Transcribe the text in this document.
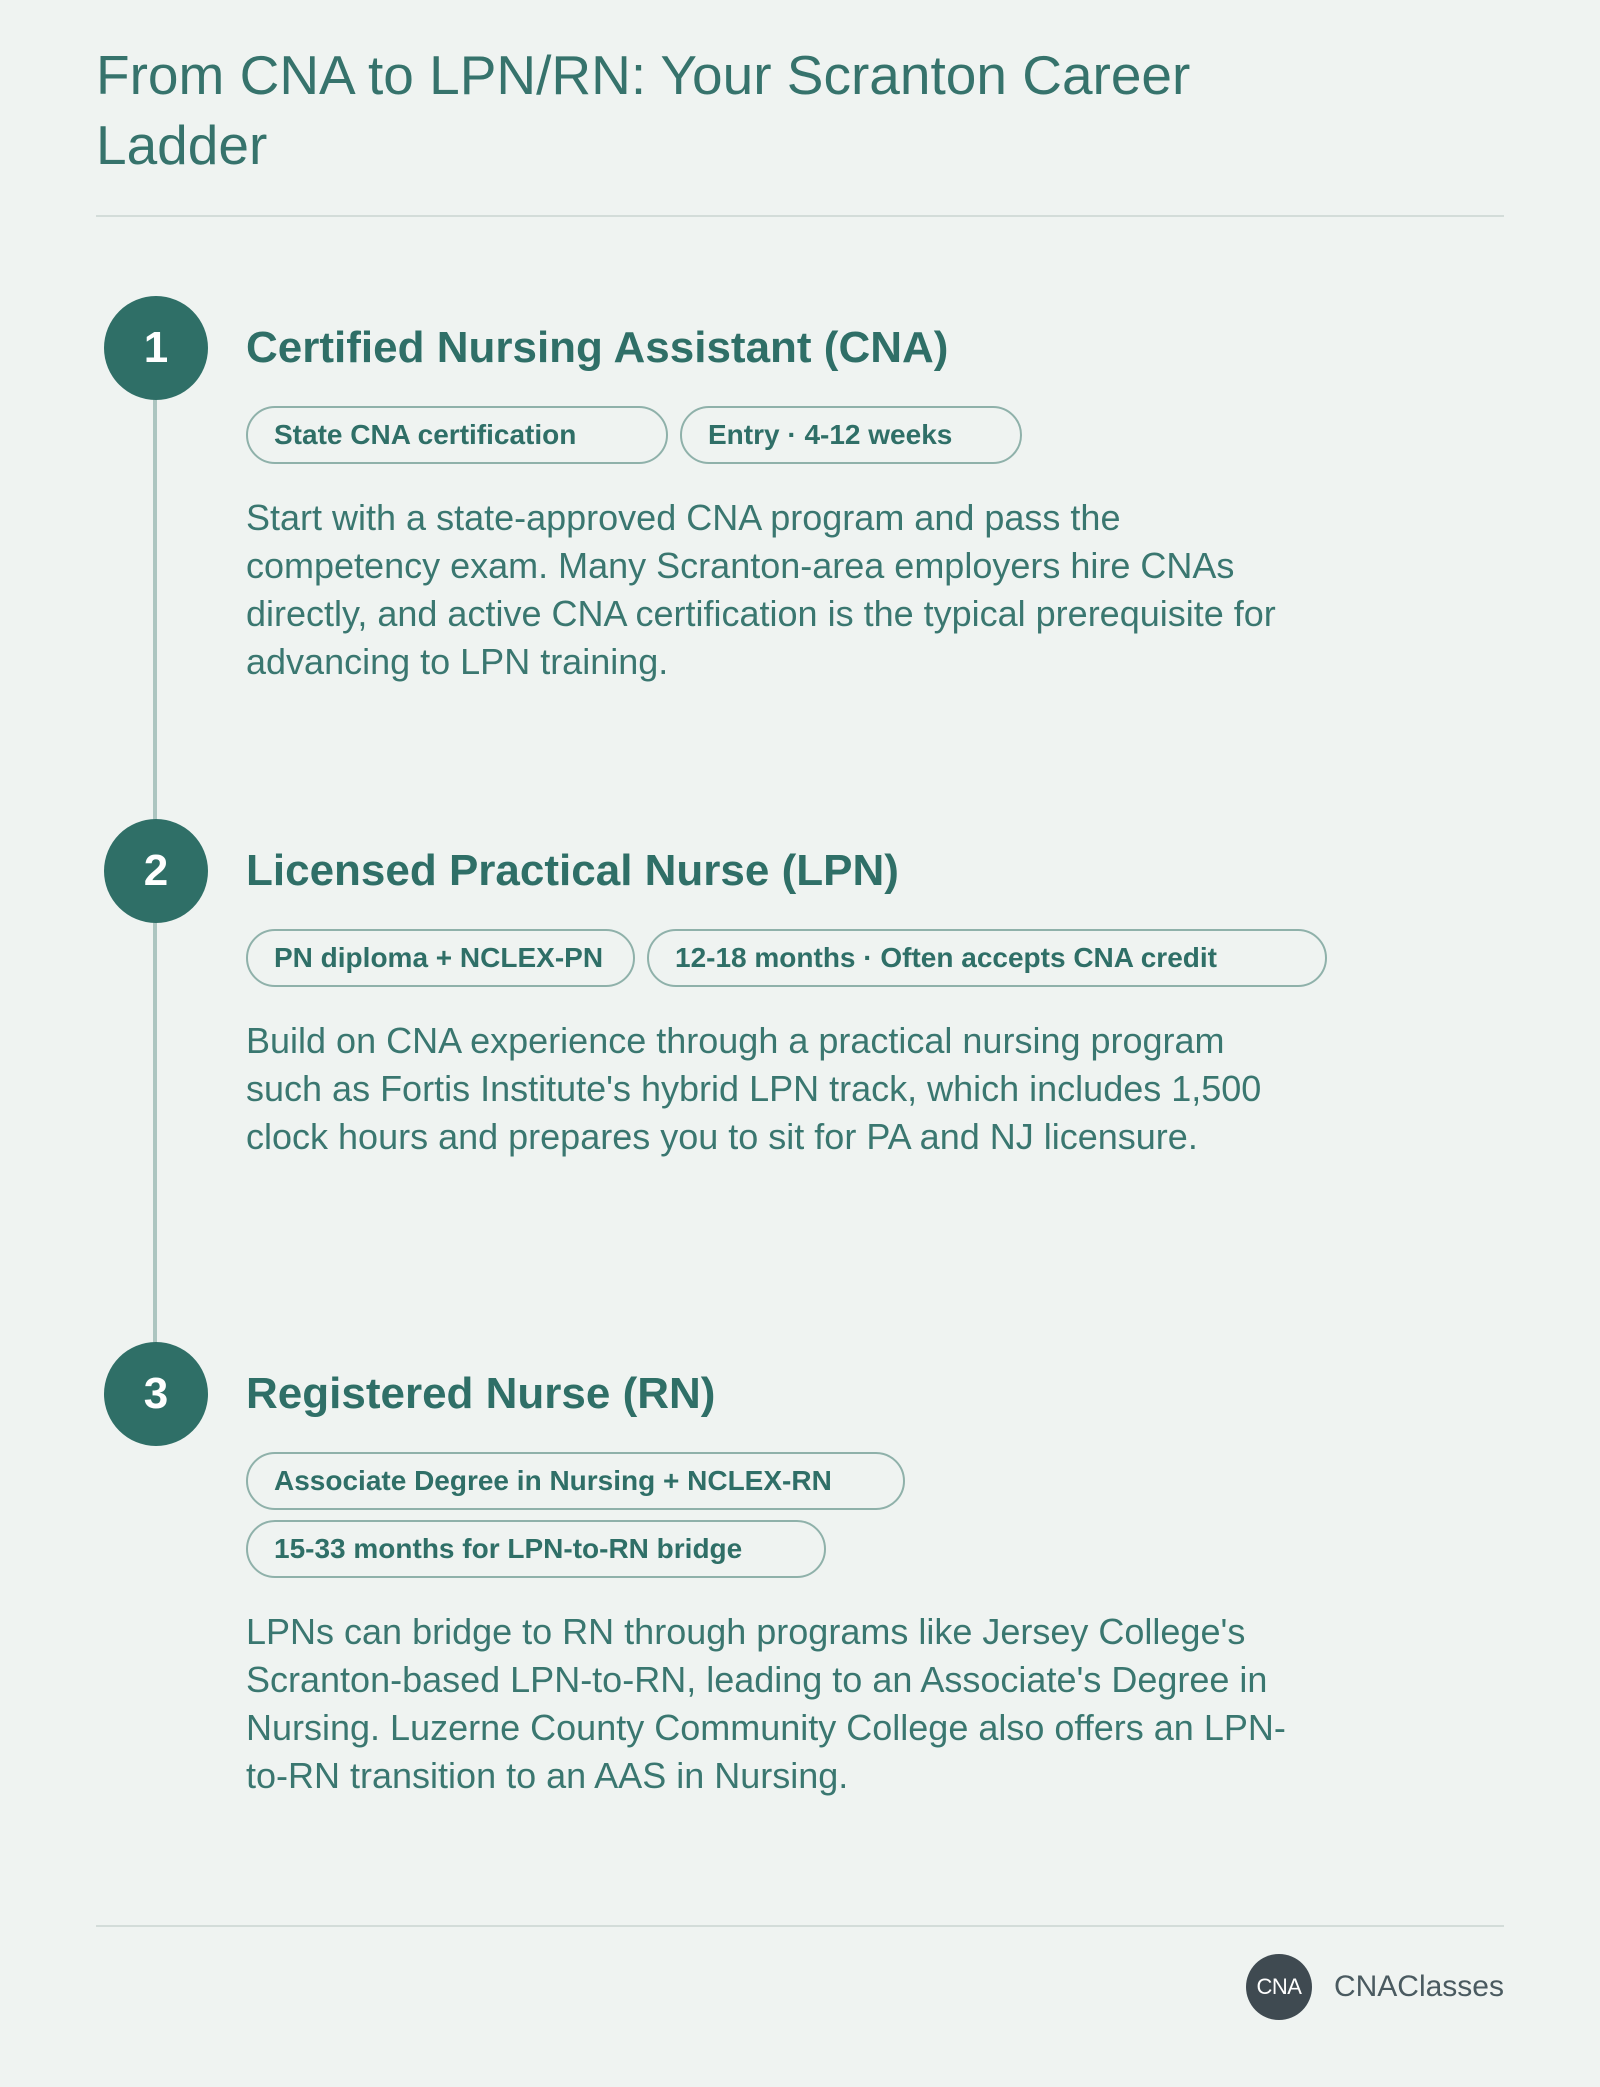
From CNA to LPN/RN: Your Scranton Career Ladder
1	Certified Nursing Assistant (CNA)
State CNA certification	Entry · 4-12 weeks

Start with a state-approved CNA program and pass the competency exam. Many Scranton-area employers hire CNAs directly, and active CNA certification is the typical prerequisite for advancing to LPN training.

2	Licensed Practical Nurse (LPN)
PN diploma + NCLEX-PN	12-18 months · Often accepts CNA credit

Build on CNA experience through a practical nursing program such as Fortis Institute's hybrid LPN track, which includes 1,500 clock hours and prepares you to sit for PA and NJ licensure.

3	Registered Nurse (RN)
Associate Degree in Nursing + NCLEX-RN
15-33 months for LPN-to-RN bridge

LPNs can bridge to RN through programs like Jersey College's Scranton-based LPN-to-RN, leading to an Associate's Degree in Nursing. Luzerne County Community College also offers an LPN-to-RN transition to an AAS in Nursing.

CNA	CNAClasses
